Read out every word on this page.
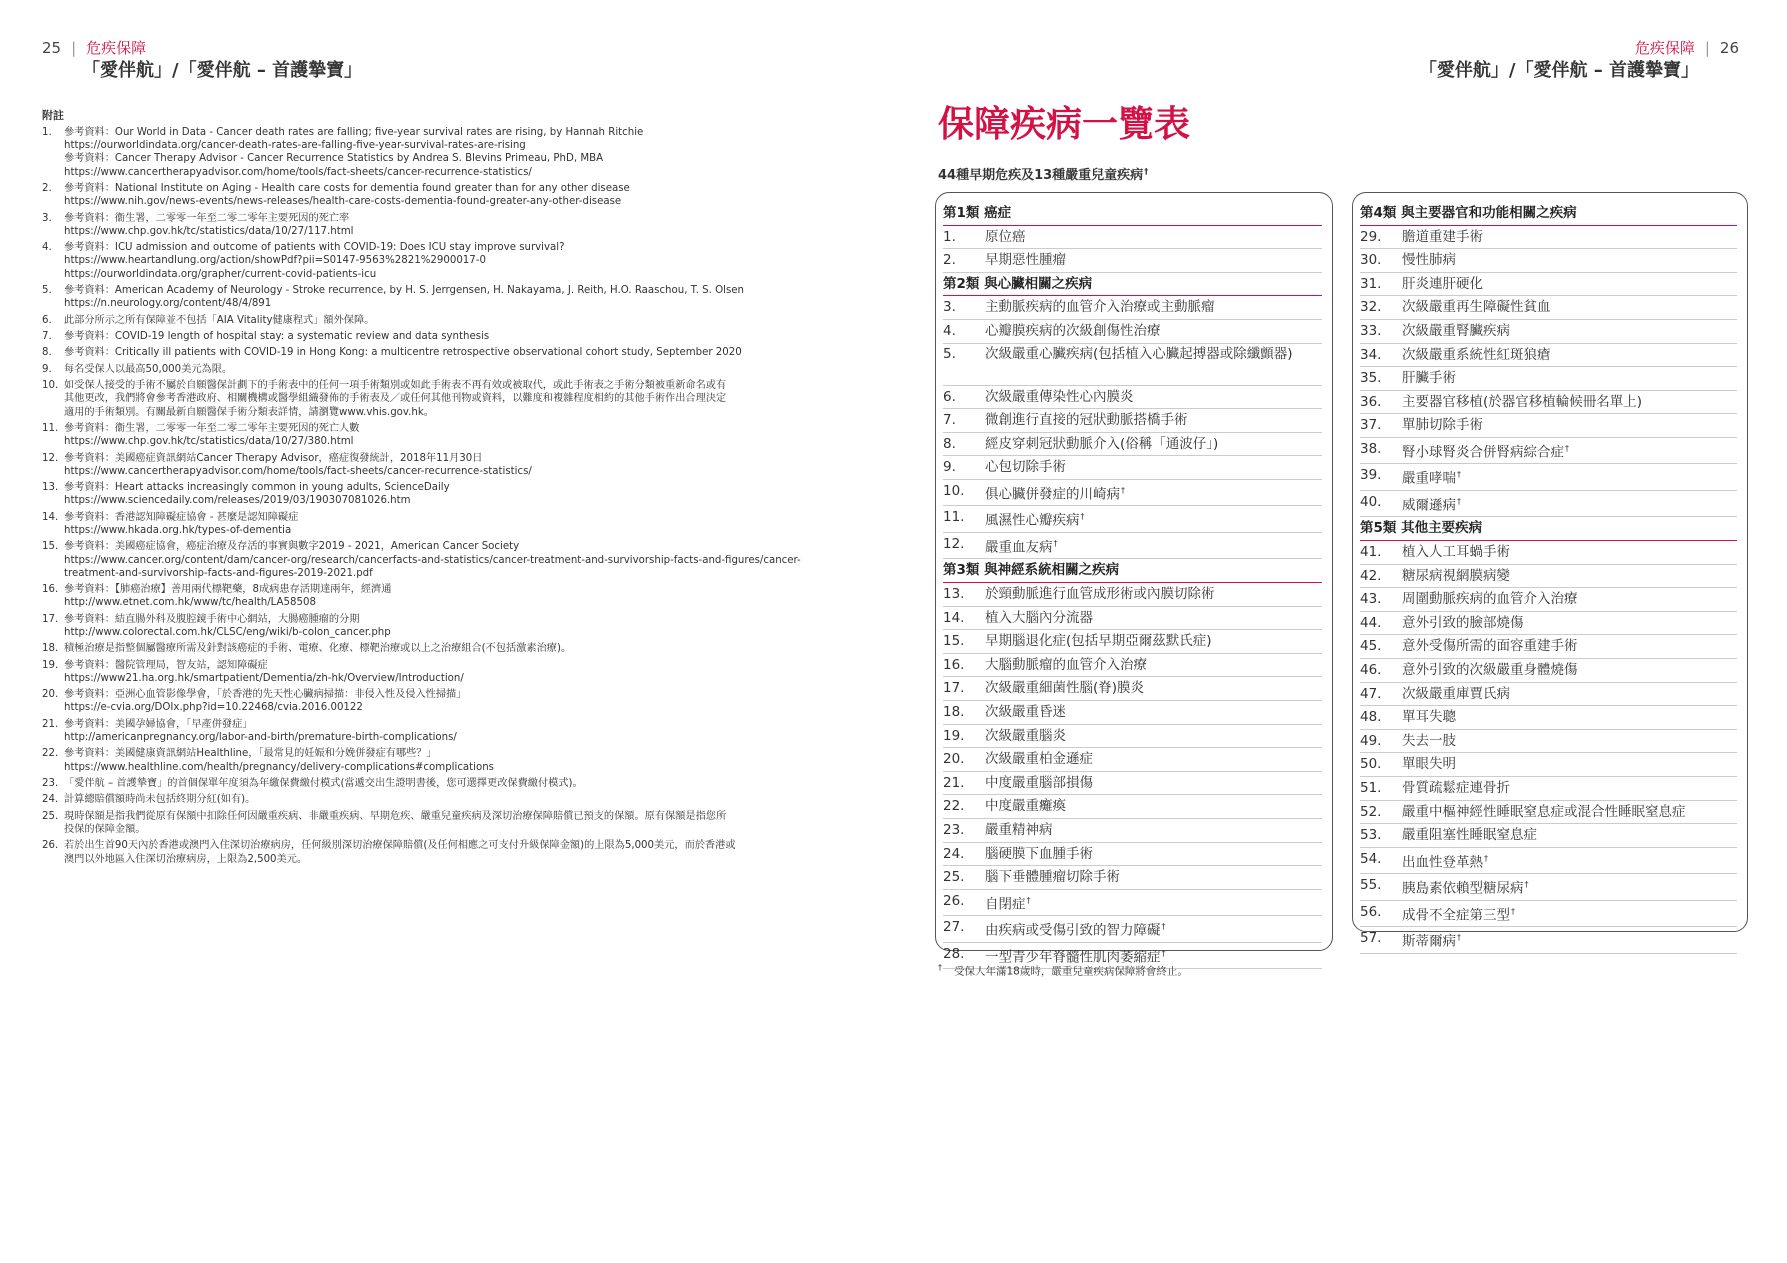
25 | 危疾保障
「愛伴航」/「愛伴航 – 首護摯寶」
危疾保障 | 26
「愛伴航」/「愛伴航 – 首護摯寶」
附註
1.	參考資料：Our World in Data - Cancer death rates are falling; five-year survival rates are rising, by Hannah Ritchie
https://ourworldindata.org/cancer-death-rates-are-falling-five-year-survival-rates-are-rising
參考資料：Cancer Therapy Advisor - Cancer Recurrence Statistics by Andrea S. Blevins Primeau, PhD, MBA
https://www.cancertherapyadvisor.com/home/tools/fact-sheets/cancer-recurrence-statistics/
2.	參考資料：National Institute on Aging - Health care costs for dementia found greater than for any other disease
https://www.nih.gov/news-events/news-releases/health-care-costs-dementia-found-greater-any-other-disease
3.	參考資料：衞生署，二零零一年至二零二零年主要死因的死亡率
https://www.chp.gov.hk/tc/statistics/data/10/27/117.html
4.	參考資料：ICU admission and outcome of patients with COVID-19: Does ICU stay improve survival?
https://www.heartandlung.org/action/showPdf?pii=S0147-9563%2821%2900017-0
https://ourworldindata.org/grapher/current-covid-patients-icu
5.	參考資料：American Academy of Neurology - Stroke recurrence, by H. S. Jerrgensen, H. Nakayama, J. Reith, H.O. Raaschou, T. S. Olsen
https://n.neurology.org/content/48/4/891
6.	此部分所示之所有保障並不包括「AIA Vitality健康程式」額外保障。
7.	參考資料：COVID-19 length of hospital stay: a systematic review and data synthesis
8.	參考資料：Critically ill patients with COVID-19 in Hong Kong: a multicentre retrospective observational cohort study, September 2020
9.	每名受保人以最高50,000美元為限。
10. 如受保人接受的手術不屬於自願醫保計劃下的手術表中的任何一項手術類別或如此手術表不再有效或被取代，或此手術表之手術分類被重新命名或有
其他更改，我們將會參考香港政府、相關機構或醫學組織發佈的手術表及／或任何其他刊物或資料，以難度和複雜程度相約的其他手術作出合理決定
適用的手術類別。有關最新自願醫保手術分類表詳情，請瀏覽www.vhis.gov.hk。
11. 參考資料：衞生署，二零零一年至二零二零年主要死因的死亡人數
https://www.chp.gov.hk/tc/statistics/data/10/27/380.html
12. 參考資料：美國癌症資訊網站Cancer Therapy Advisor，癌症復發統計，2018年11月30日
https://www.cancertherapyadvisor.com/home/tools/fact-sheets/cancer-recurrence-statistics/
13. 參考資料：Heart attacks increasingly common in young adults, ScienceDaily
https://www.sciencedaily.com/releases/2019/03/190307081026.htm
14. 參考資料：香港認知障礙症協會 - 甚麼是認知障礙症
https://www.hkada.org.hk/types-of-dementia
15. 參考資料：美國癌症協會，癌症治療及存活的事實與數字2019 - 2021，American Cancer Society
https://www.cancer.org/content/dam/cancer-org/research/cancerfacts-and-statistics/cancer-treatment-and-survivorship-facts-and-figures/cancer-
treatment-and-survivorship-facts-and-figures-2019-2021.pdf
16. 參考資料：【肺癌治療】善用兩代標靶藥，8成病患存活期達兩年，經濟通
http://www.etnet.com.hk/www/tc/health/LA58508
17. 參考資料：結直腸外科及腹腔鏡手術中心網站，大腸癌腫瘤的分期
http://www.colorectal.com.hk/CLSC/eng/wiki/b-colon_cancer.php
18. 積極治療是指整個屬醫療所需及針對該癌症的手術、電療、化療、標靶治療或以上之治療組合(不包括激素治療)。
19. 參考資料：醫院管理局，智友站，認知障礙症
https://www21.ha.org.hk/smartpatient/Dementia/zh-hk/Overview/Introduction/
20. 參考資料：亞洲心血管影像學會，「於香港的先天性心臟病掃描：非侵入性及侵入性掃描」
https://e-cvia.org/DOIx.php?id=10.22468/cvia.2016.00122
21. 參考資料：美國孕婦協會，「早產併發症」
http://americanpregnancy.org/labor-and-birth/premature-birth-complications/
22. 參考資料：美國健康資訊網站Healthline，「最常見的妊娠和分娩併發症有哪些？」
https://www.healthline.com/health/pregnancy/delivery-complications#complications
23. 「愛伴航 – 首護摯寶」的首個保單年度須為年繳保費繳付模式(當遞交出生證明書後，您可選擇更改保費繳付模式)。
24. 計算總賠償額時尚未包括終期分紅(如有)。
25. 現時保額是指我們從原有保額中扣除任何因嚴重疾病、非嚴重疾病、早期危疾、嚴重兒童疾病及深切治療保障賠償已預支的保額。原有保額是指您所
投保的保障金額。
26. 若於出生首90天內於香港或澳門入住深切治療病房，任何級別深切治療保障賠償(及任何相應之可支付升級保障金額)的上限為5,000美元，而於香港或
澳門以外地區入住深切治療病房，上限為2,500美元。
保障疾病一覽表
44種早期危疾及13種嚴重兒童疾病†
第1類 癌症
1.	原位癌
2.	早期惡性腫瘤
第2類 與心臟相關之疾病
3.	主動脈疾病的血管介入治療或主動脈瘤
4.	心瓣膜疾病的次級創傷性治療
5.	次級嚴重心臟疾病(包括植入心臟起搏器或除纖顫器)
6.	次級嚴重傳染性心內膜炎
7.	微創進行直接的冠狀動脈搭橋手術
8.	經皮穿刺冠狀動脈介入(俗稱「通波仔」)
9.	心包切除手術
10.	俱心臟併發症的川崎病†
11.	風濕性心瓣疾病†
12.	嚴重血友病†
第3類 與神經系統相關之疾病
13.	於頸動脈進行血管成形術或內膜切除術
14.	植入大腦內分流器
15.	早期腦退化症(包括早期亞爾茲默氏症)
16.	大腦動脈瘤的血管介入治療
17.	次級嚴重細菌性腦(脊)膜炎
18.	次級嚴重昏迷
19.	次級嚴重腦炎
20.	次級嚴重柏金遜症
21.	中度嚴重腦部損傷
22.	中度嚴重癱瘓
23.	嚴重精神病
24.	腦硬膜下血腫手術
25.	腦下垂體腫瘤切除手術
26.	自閉症†
27.	由疾病或受傷引致的智力障礙†
28.	一型青少年脊髓性肌肉萎縮症†
第4類 與主要器官和功能相關之疾病
29.	膽道重建手術
30.	慢性肺病
31.	肝炎連肝硬化
32.	次級嚴重再生障礙性貧血
33.	次級嚴重腎臟疾病
34.	次級嚴重系統性紅斑狼瘡
35.	肝臟手術
36.	主要器官移植(於器官移植輪候冊名單上)
37.	單肺切除手術
38.	腎小球腎炎合併腎病綜合症†
39.	嚴重哮喘†
40.	威爾遜病†
第5類 其他主要疾病
41.	植入人工耳蝸手術
42.	糖尿病視網膜病變
43.	周圍動脈疾病的血管介入治療
44.	意外引致的臉部燒傷
45.	意外受傷所需的面容重建手術
46.	意外引致的次級嚴重身體燒傷
47.	次級嚴重庫賈氏病
48.	單耳失聰
49.	失去一肢
50.	單眼失明
51.	骨質疏鬆症連骨折
52.	嚴重中樞神經性睡眠窒息症或混合性睡眠窒息症
53.	嚴重阻塞性睡眠窒息症
54.	出血性登革熱†
55.	胰島素依賴型糖尿病†
56.	成骨不全症第三型†
57.	斯蒂爾病†
† 受保人年滿18歲時，嚴重兒童疾病保障將會終止。
